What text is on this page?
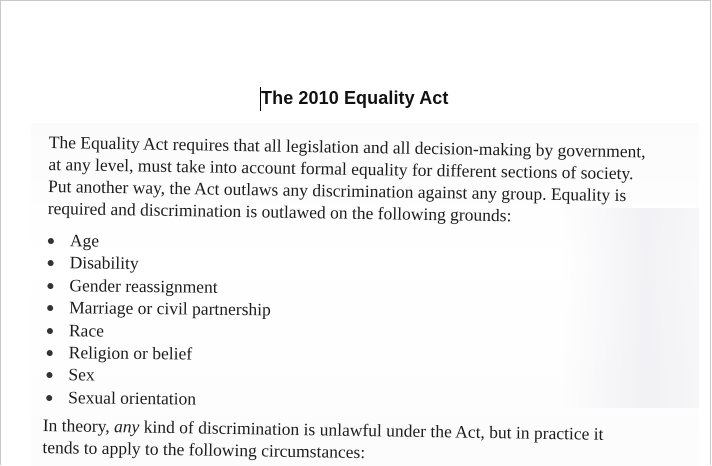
The 2010 Equality Act
The Equality Act requires that all legislation and all decision-making by government,
at any level, must take into account formal equality for different sections of society.
Put another way, the Act outlaws any discrimination against any group. Equality is
required and discrimination is outlawed on the following grounds:
Age
Disability
Gender reassignment
Marriage or civil partnership
Race
Religion or belief
Sex
Sexual orientation
In theory, any kind of discrimination is unlawful under the Act, but in practice it
tends to apply to the following circumstances:
